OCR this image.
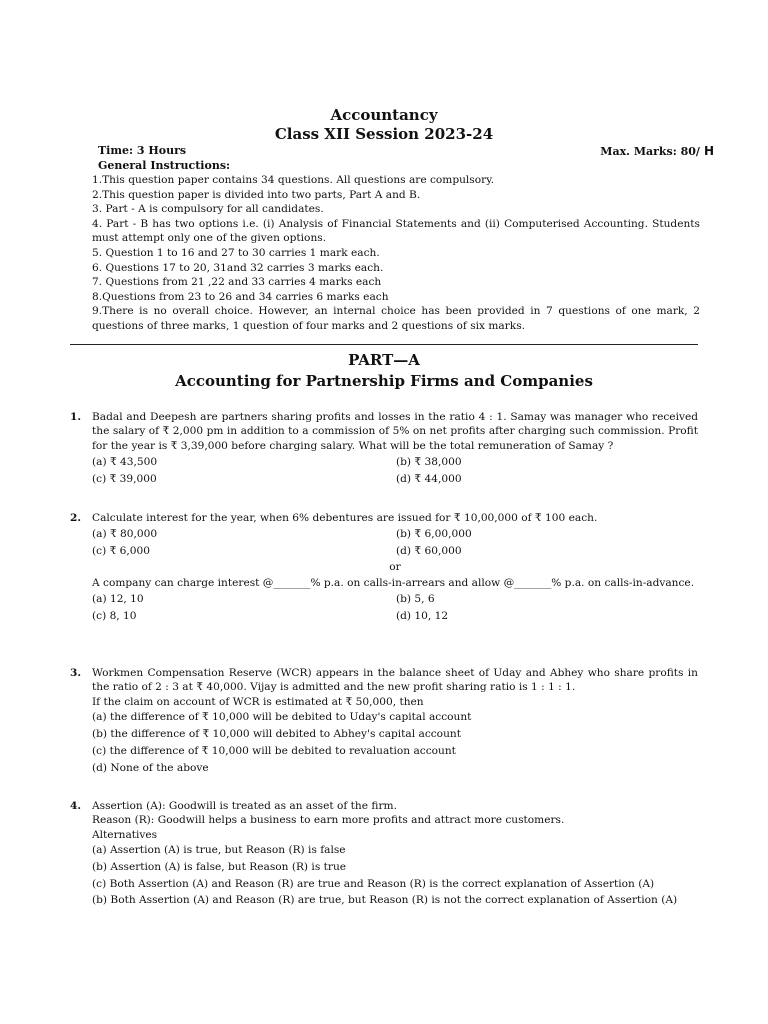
Accountancy
Class XII Session 2023-24
Time: 3 Hours	Max. Marks: 80/ H
General Instructions:
1.This question paper contains 34 questions. All questions are compulsory.
2.This question paper is divided into two parts, Part A and B.
3. Part - A is compulsory for all candidates.
4. Part - B has two options i.e. (i) Analysis of Financial Statements and (ii) Computerised Accounting. Students must attempt only one of the given options.
5. Question 1 to 16 and 27 to 30 carries 1 mark each.
6. Questions 17 to 20, 31and 32 carries 3 marks each.
7. Questions from 21 ,22 and 33 carries 4 marks each
8.Questions from 23 to 26 and 34 carries 6 marks each
9.There is no overall choice. However, an internal choice has been provided in 7 questions of one mark, 2 questions of three marks, 1 question of four marks and 2 questions of six marks.
PART—A
Accounting for Partnership Firms and Companies
1. Badal and Deepesh are partners sharing profits and losses in the ratio 4 : 1. Samay was manager who received the salary of ₹ 2,000 pm in addition to a commission of 5% on net profits after charging such commission. Profit for the year is ₹ 3,39,000 before charging salary. What will be the total remuneration of Samay ?
(a) ₹ 43,500	(b) ₹ 38,000
(c) ₹ 39,000	(d) ₹ 44,000
2. Calculate interest for the year, when 6% debentures are issued for ₹ 10,00,000 of ₹ 100 each.
(a) ₹ 80,000	(b) ₹ 6,00,000
(c) ₹ 6,000	(d) ₹ 60,000
or
A company can charge interest @_______% p.a. on calls-in-arrears and allow @_______% p.a. on calls-in-advance.
(a) 12, 10	(b) 5, 6
(c) 8, 10	(d) 10, 12
3. Workmen Compensation Reserve (WCR) appears in the balance sheet of Uday and Abhey who share profits in the ratio of 2 : 3 at ₹ 40,000. Vijay is admitted and the new profit sharing ratio is 1 : 1 : 1.
If the claim on account of WCR is estimated at ₹ 50,000, then
(a) the difference of ₹ 10,000 will be debited to Uday's capital account
(b) the difference of ₹ 10,000 will debited to Abhey's capital account
(c) the difference of ₹ 10,000 will be debited to revaluation account
(d) None of the above
4. Assertion (A): Goodwill is treated as an asset of the firm.
Reason (R): Goodwill helps a business to earn more profits and attract more customers.
Alternatives
(a) Assertion (A) is true, but Reason (R) is false
(b) Assertion (A) is false, but Reason (R) is true
(c) Both Assertion (A) and Reason (R) are true and Reason (R) is the correct explanation of Assertion (A)
(b) Both Assertion (A) and Reason (R) are true, but Reason (R) is not the correct explanation of Assertion (A)
